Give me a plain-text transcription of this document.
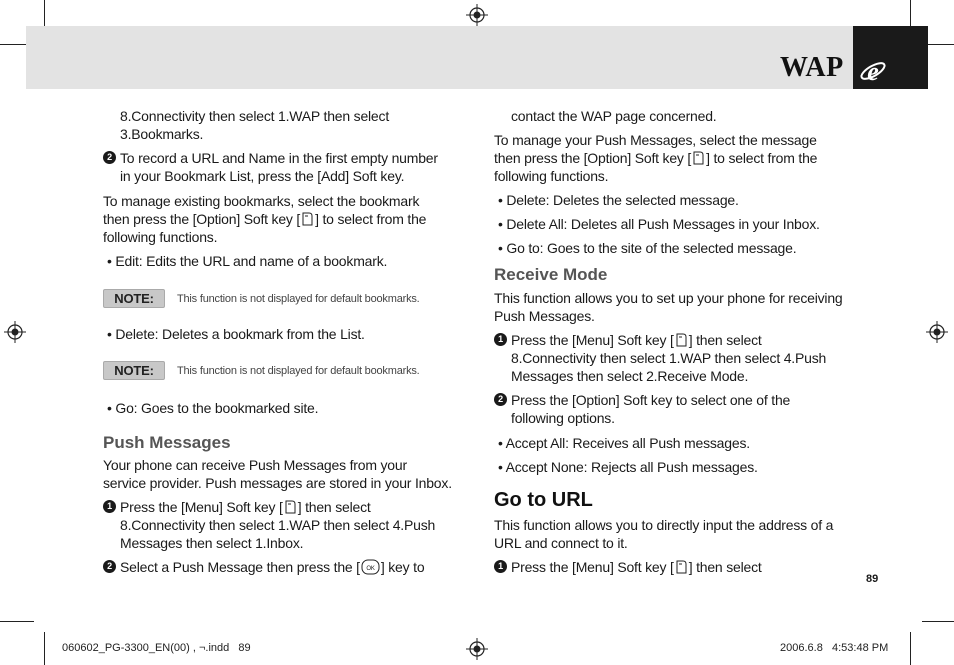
WAP e

8.Connectivity then select 1.WAP then select

3.Bookmarks.

2 To record a URL and Name in the first empty number

in your Bookmark List, press the [Add] Soft key.

To manage existing bookmarks, select the bookmark

then press the [Option] Soft key [ ] to select from the

following functions.

• Edit: Edits the URL and name of a bookmark.

NOTE:	This function is not displayed for default bookmarks.

• Delete: Deletes a bookmark from the List.

NOTE:	This function is not displayed for default bookmarks.

• Go: Goes to the bookmarked site.

Push Messages

Your phone can receive Push Messages from your

service provider. Push messages are stored in your Inbox.

1 Press the [Menu] Soft key [ ] then select

8.Connectivity then select 1.WAP then select 4.Push

Messages then select 1.Inbox.

2 Select a Push Message then press the [ OK ] key to

contact the WAP page concerned.

To manage your Push Messages, select the message

then press the [Option] Soft key [ ] to select from the

following functions.

• Delete: Deletes the selected message.

• Delete All: Deletes all Push Messages in your Inbox.

• Go to: Goes to the site of the selected message.

Receive Mode

This function allows you to set up your phone for receiving

Push Messages.

1 Press the [Menu] Soft key [ ] then select

8.Connectivity then select 1.WAP then select 4.Push

Messages then select 2.Receive Mode.

2 Press the [Option] Soft key to select one of the

following options.

• Accept All: Receives all Push messages.

• Accept None: Rejects all Push messages.

Go to URL

This function allows you to directly input the address of a

URL and connect to it.

1 Press the [Menu] Soft key [ ] then select

89
060602_PG-3300_EN(00) , ¬.indd   89	2006.6.8   4:53:48 PM
